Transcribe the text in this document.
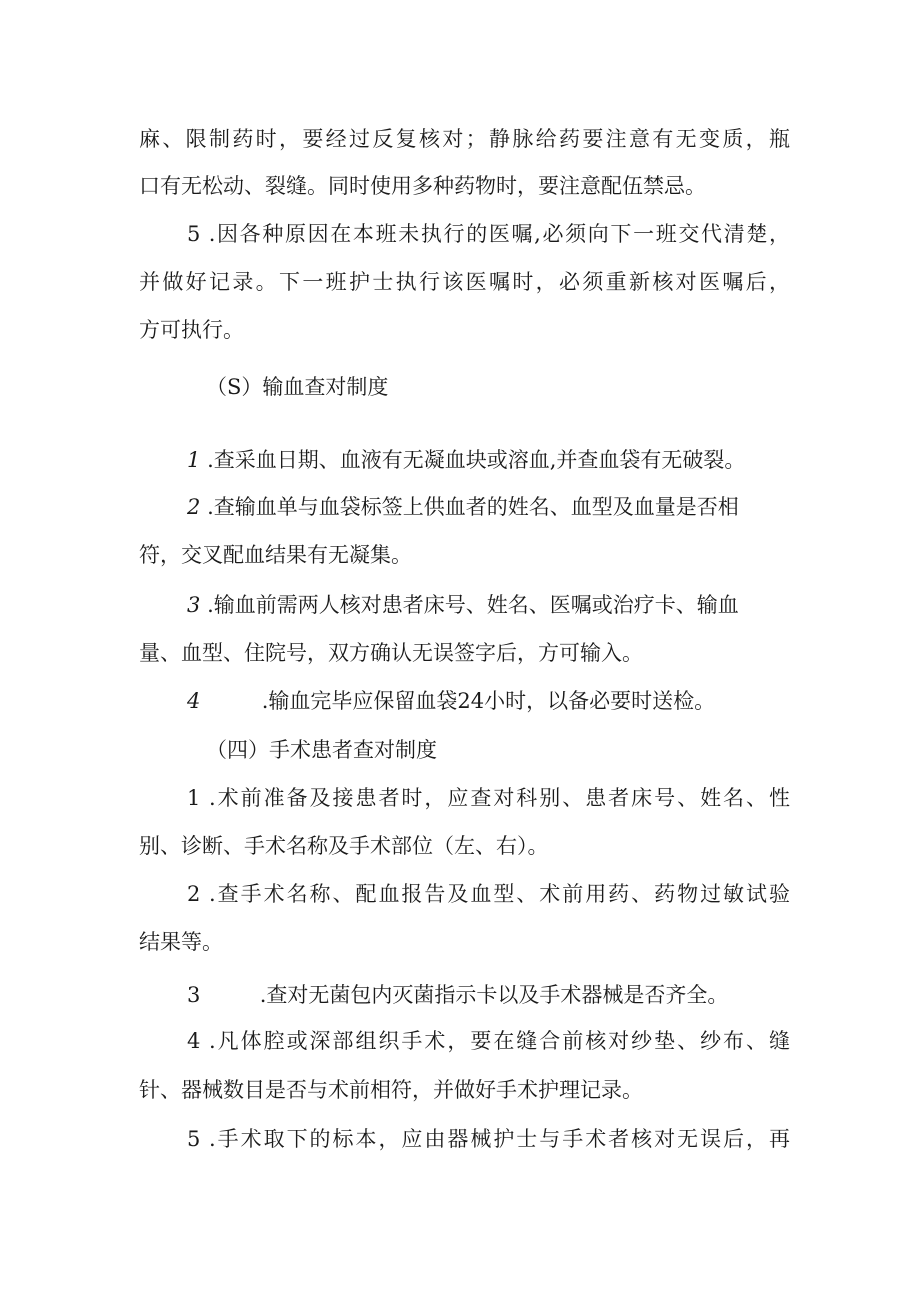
麻、限制药时，要经过反复核对；静脉给药要注意有无变质，瓶
口有无松动、裂缝。同时使用多种药物时，要注意配伍禁忌。
5 .因各种原因在本班未执行的医嘱,必须向下一班交代清楚，
并做好记录。下一班护士执行该医嘱时，必须重新核对医嘱后，
方可执行。
（S）输血查对制度
1 .查采血日期、血液有无凝血块或溶血,并查血袋有无破裂。
2 .查输血单与血袋标签上供血者的姓名、血型及血量是否相
符，交叉配血结果有无凝集。
3 .输血前需两人核对患者床号、姓名、医嘱或治疗卡、输血
量、血型、住院号，双方确认无误签字后，方可输入。
4	.输血完毕应保留血袋24小时，以备必要时送检。
（四）手术患者查对制度
1 .术前准备及接患者时，应查对科别、患者床号、姓名、性
别、诊断、手术名称及手术部位（左、右）。
2 .查手术名称、配血报告及血型、术前用药、药物过敏试验
结果等。
3	.查对无菌包内灭菌指示卡以及手术器械是否齐全。
4 .凡体腔或深部组织手术，要在缝合前核对纱垫、纱布、缝
针、器械数目是否与术前相符，并做好手术护理记录。
5 .手术取下的标本，应由器械护士与手术者核对无误后，再
